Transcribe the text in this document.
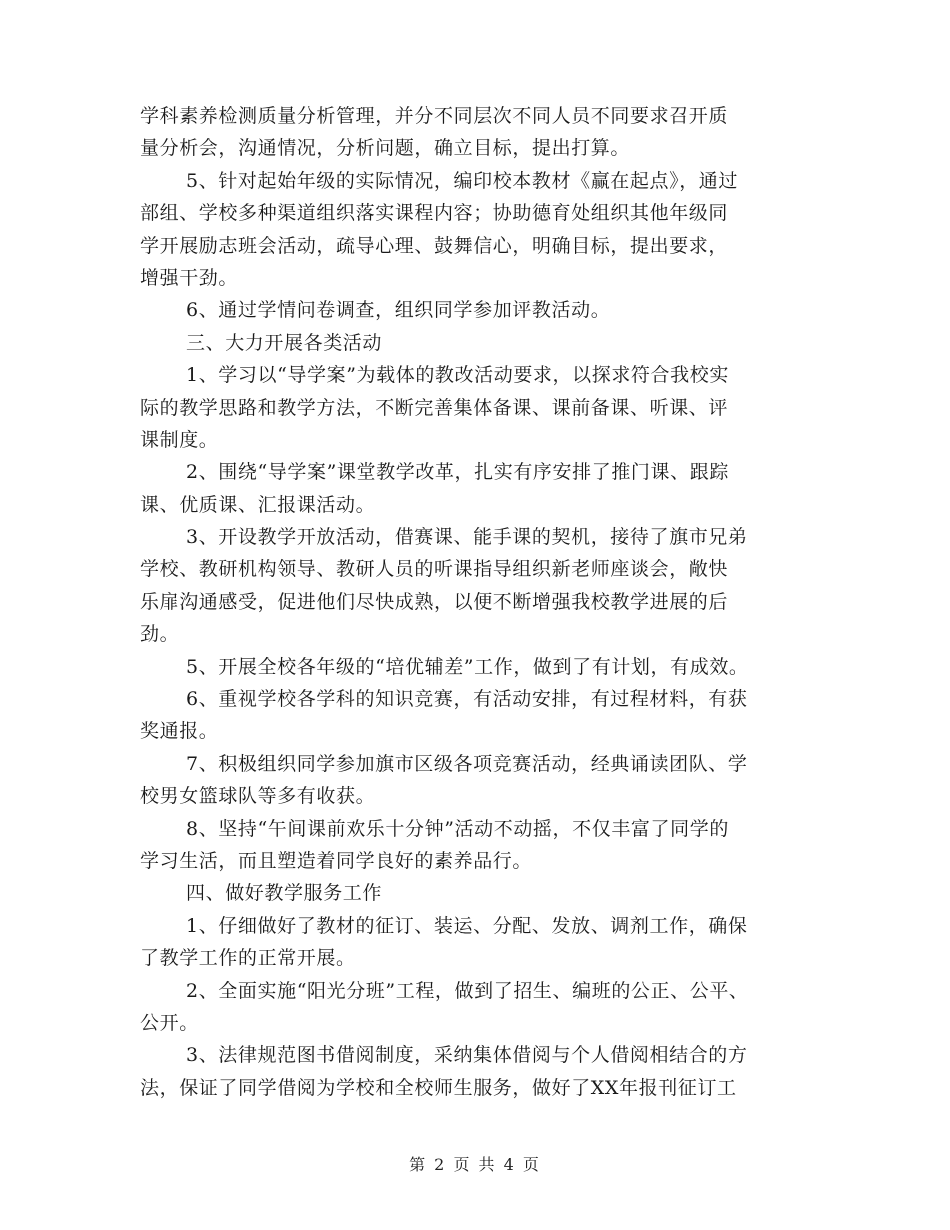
学科素养检测质量分析管理，并分不同层次不同人员不同要求召开质
量分析会，沟通情况，分析问题，确立目标，提出打算。
5、针对起始年级的实际情况，编印校本教材《赢在起点》，通过
部组、学校多种渠道组织落实课程内容；协助德育处组织其他年级同
学开展励志班会活动，疏导心理、鼓舞信心，明确目标，提出要求，
增强干劲。
6、通过学情问卷调查，组织同学参加评教活动。
三、大力开展各类活动
1、学习以“导学案”为载体的教改活动要求，以探求符合我校实
际的教学思路和教学方法，不断完善集体备课、课前备课、听课、评
课制度。
2、围绕“导学案”课堂教学改革，扎实有序安排了推门课、跟踪
课、优质课、汇报课活动。
3、开设教学开放活动，借赛课、能手课的契机，接待了旗市兄弟
学校、教研机构领导、教研人员的听课指导组织新老师座谈会，敞快
乐扉沟通感受，促进他们尽快成熟，以便不断增强我校教学进展的后
劲。
5、开展全校各年级的“培优辅差”工作，做到了有计划，有成效。
6、重视学校各学科的知识竞赛，有活动安排，有过程材料，有获
奖通报。
7、积极组织同学参加旗市区级各项竞赛活动，经典诵读团队、学
校男女篮球队等多有收获。
8、坚持“午间课前欢乐十分钟”活动不动摇，不仅丰富了同学的
学习生活，而且塑造着同学良好的素养品行。
四、做好教学服务工作
1、仔细做好了教材的征订、装运、分配、发放、调剂工作，确保
了教学工作的正常开展。
2、全面实施“阳光分班”工程，做到了招生、编班的公正、公平、
公开。
3、法律规范图书借阅制度，采纳集体借阅与个人借阅相结合的方
法，保证了同学借阅为学校和全校师生服务，做好了XX年报刊征订工
第 2 页 共 4 页
